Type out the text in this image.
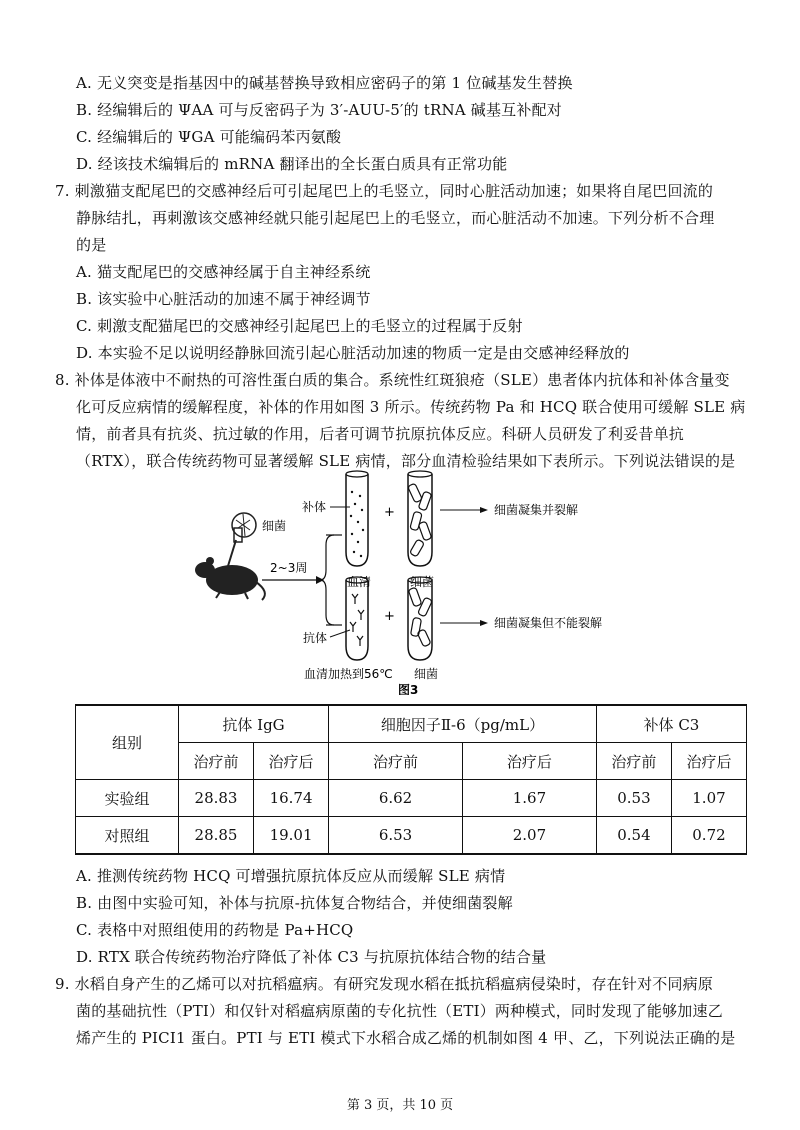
A. 无义突变是指基因中的碱基替换导致相应密码子的第 1 位碱基发生替换
B. 经编辑后的 ΨAA 可与反密码子为 3′-AUU-5′的 tRNA 碱基互补配对
C. 经编辑后的 ΨGA 可能编码苯丙氨酸
D. 经该技术编辑后的 mRNA 翻译出的全长蛋白质具有正常功能
7. 刺激猫支配尾巴的交感神经后可引起尾巴上的毛竖立，同时心脏活动加速；如果将自尾巴回流的
静脉结扎，再刺激该交感神经就只能引起尾巴上的毛竖立，而心脏活动不加速。下列分析不合理
的是
A. 猫支配尾巴的交感神经属于自主神经系统
B. 该实验中心脏活动的加速不属于神经调节
C. 刺激支配猫尾巴的交感神经引起尾巴上的毛竖立的过程属于反射
D. 本实验不足以说明经静脉回流引起心脏活动加速的物质一定是由交感神经释放的
8. 补体是体液中不耐热的可溶性蛋白质的集合。系统性红斑狼疮（SLE）患者体内抗体和补体含量变
化可反应病情的缓解程度，补体的作用如图 3 所示。传统药物 Pa 和 HCQ 联合使用可缓解 SLE 病
情，前者具有抗炎、抗过敏的作用，后者可调节抗原抗体反应。科研人员研发了利妥昔单抗
（RTX），联合传统药物可显著缓解 SLE 病情，部分血清检验结果如下表所示。下列说法错误的是
细菌
2~3周
补体
血清
+
细菌
细菌凝集并裂解
抗体
血清加热到56℃
+
细菌
细菌凝集但不能裂解
图3
组别	抗体 IgG		细胞因子Ⅱ-6（pg/mL）		补体 C3	
	治疗前	治疗后	治疗前	治疗后	治疗前	治疗后
实验组	28.83	16.74	6.62	1.67	0.53	1.07
对照组	28.85	19.01	6.53	2.07	0.54	0.72
A. 推测传统药物 HCQ 可增强抗原抗体反应从而缓解 SLE 病情
B. 由图中实验可知，补体与抗原-抗体复合物结合，并使细菌裂解
C. 表格中对照组使用的药物是 Pa+HCQ
D. RTX 联合传统药物治疗降低了补体 C3 与抗原抗体结合物的结合量
9. 水稻自身产生的乙烯可以对抗稻瘟病。有研究发现水稻在抵抗稻瘟病侵染时，存在针对不同病原
菌的基础抗性（PTI）和仅针对稻瘟病原菌的专化抗性（ETI）两种模式，同时发现了能够加速乙
烯产生的 PICI1 蛋白。PTI 与 ETI 模式下水稻合成乙烯的机制如图 4 甲、乙，下列说法正确的是
第 3 页，共 10 页
